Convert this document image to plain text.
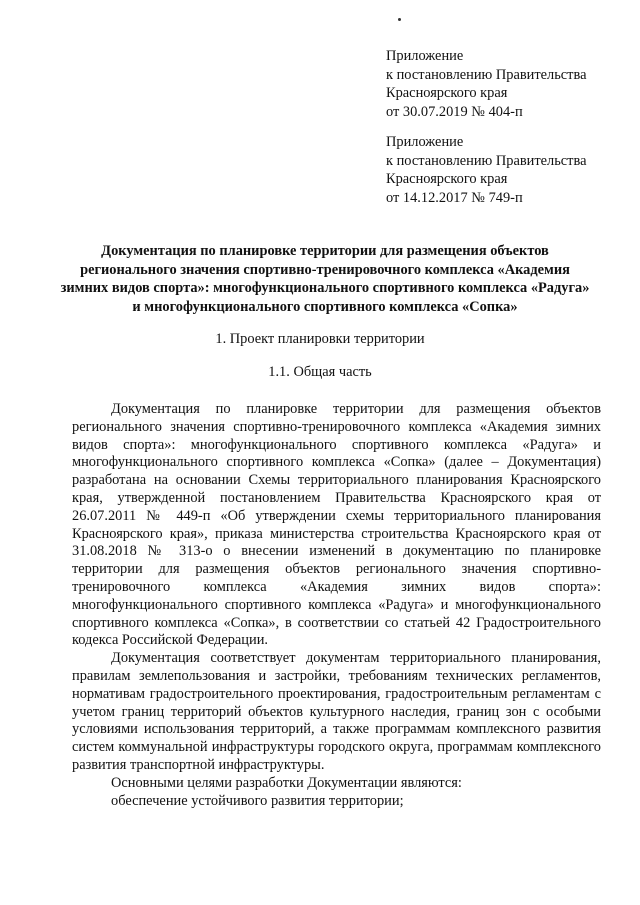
Приложение
к постановлению Правительства
Красноярского края
от 30.07.2019 № 404-п
Приложение
к постановлению Правительства
Красноярского края
от 14.12.2017 № 749-п
Документация по планировке территории для размещения объектов регионального значения спортивно-тренировочного комплекса «Академия зимних видов спорта»: многофункционального спортивного комплекса «Радуга» и многофункционального спортивного комплекса «Сопка»
1. Проект планировки территории
1.1. Общая часть

Документация по планировке территории для размещения объектов регионального значения спортивно-тренировочного комплекса «Академия зимних видов спорта»: многофункционального спортивного комплекса «Радуга» и многофункционального спортивного комплекса «Сопка» (далее – Документация) разработана на основании Схемы территориального планирования Красноярского края, утвержденной постановлением Правительства Красноярского края от 26.07.2011 № 449-п «Об утверждении схемы территориального планирования Красноярского края», приказа министерства строительства Красноярского края от 31.08.2018 № 313-о о внесении изменений в документацию по планировке территории для размещения объектов регионального значения спортивно-тренировочного комплекса «Академия зимних видов спорта»: многофункционального спортивного комплекса «Радуга» и многофункционального спортивного комплекса «Сопка», в соответствии со статьей 42 Градостроительного кодекса Российской Федерации.

Документация соответствует документам территориального планирования, правилам землепользования и застройки, требованиям технических регламентов, нормативам градостроительного проектирования, градостроительным регламентам с учетом границ территорий объектов культурного наследия, границ зон с особыми условиями использования территорий, а также программам комплексного развития систем коммунальной инфраструктуры городского округа, программам комплексного развития транспортной инфраструктуры.

Основными целями разработки Документации являются:

обеспечение устойчивого развития территории;
